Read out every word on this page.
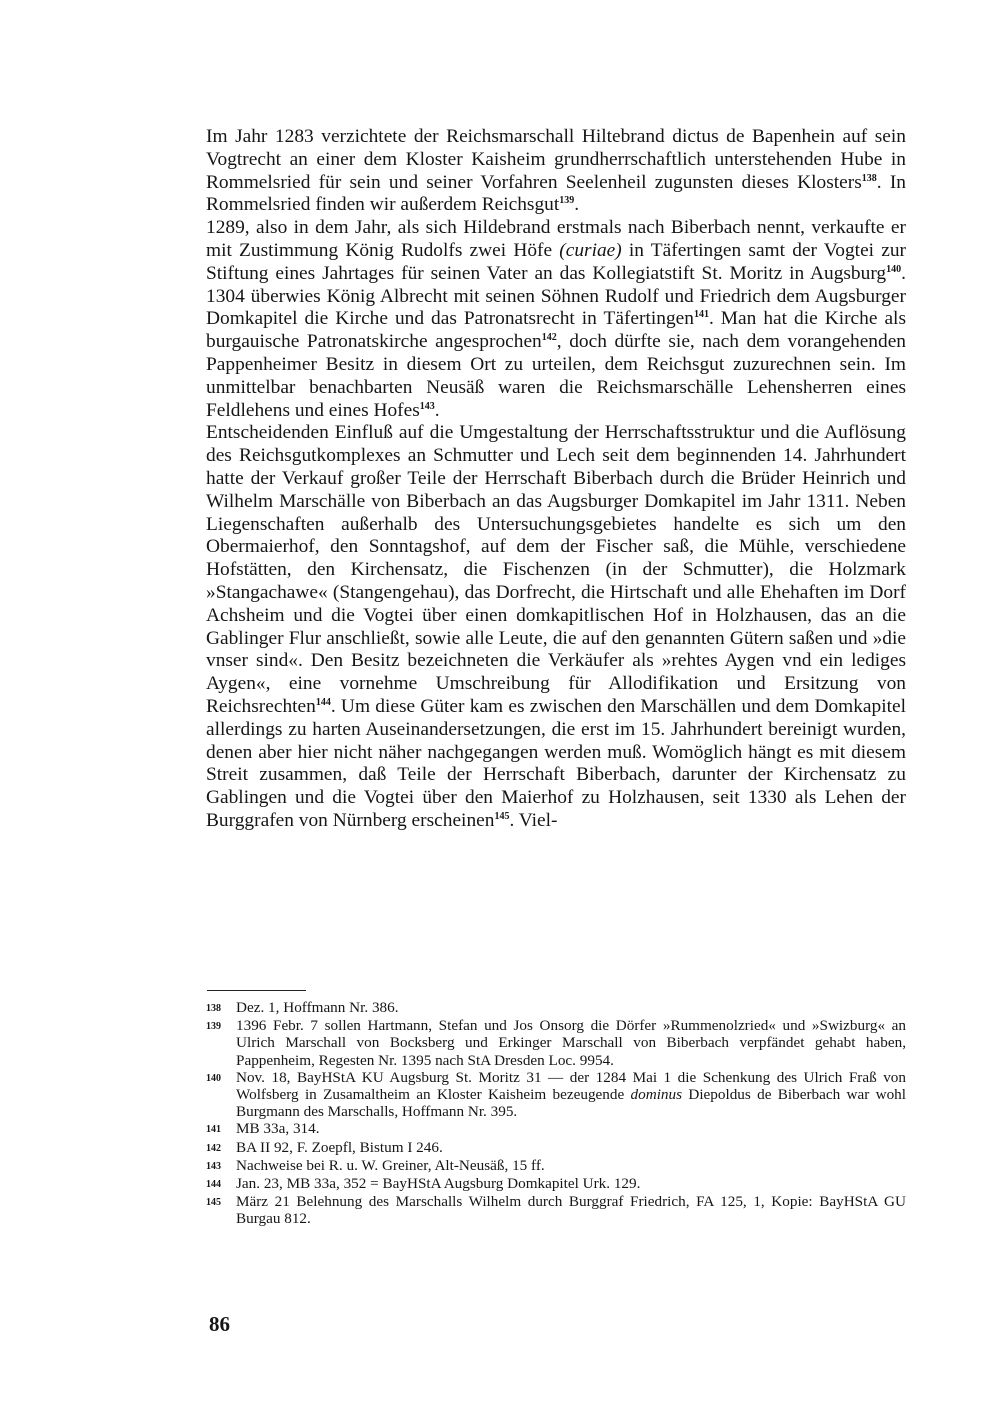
Im Jahr 1283 verzichtete der Reichsmarschall Hiltebrand dictus de Bapenhein auf sein Vogtrecht an einer dem Kloster Kaisheim grundherrschaftlich unterstehenden Hube in Rommelsried für sein und seiner Vorfahren Seelenheil zugunsten dieses Klosters$^{138}$. In Rommelsried finden wir außerdem Reichsgut$^{139}$.

1289, also in dem Jahr, als sich Hildebrand erstmals nach Biberbach nennt, verkaufte er mit Zustimmung König Rudolfs zwei Höfe (curiae) in Täfertingen samt der Vogtei zur Stiftung eines Jahrtages für seinen Vater an das Kollegiatstift St. Moritz in Augsburg$^{140}$. 1304 überwies König Albrecht mit seinen Söhnen Rudolf und Friedrich dem Augsburger Domkapitel die Kirche und das Patronatsrecht in Täfertingen$^{141}$. Man hat die Kirche als burgauische Patronatskirche angesprochen$^{142}$, doch dürfte sie, nach dem vorangehenden Pappenheimer Besitz in diesem Ort zu urteilen, dem Reichsgut zuzurechnen sein. Im unmittelbar benachbarten Neusäß waren die Reichsmarschälle Lehensherren eines Feldlehens und eines Hofes$^{143}$.

Entscheidenden Einfluß auf die Umgestaltung der Herrschaftsstruktur und die Auflösung des Reichsgutkomplexes an Schmutter und Lech seit dem beginnenden 14. Jahrhundert hatte der Verkauf großer Teile der Herrschaft Biberbach durch die Brüder Heinrich und Wilhelm Marschälle von Biberbach an das Augsburger Domkapitel im Jahr 1311. Neben Liegenschaften außerhalb des Untersuchungsgebietes handelte es sich um den Obermaierhof, den Sonntagshof, auf dem der Fischer saß, die Mühle, verschiedene Hofstätten, den Kirchensatz, die Fischenzen (in der Schmutter), die Holzmark »Stangachawe« (Stangengehau), das Dorfrecht, die Hirtschaft und alle Ehehaften im Dorf Achsheim und die Vogtei über einen domkapitlischen Hof in Holzhausen, das an die Gablinger Flur anschließt, sowie alle Leute, die auf den genannten Gütern saßen und »die vnser sind«. Den Besitz bezeichneten die Verkäufer als »rehtes Aygen vnd ein lediges Aygen«, eine vornehme Umschreibung für Allodifikation und Ersitzung von Reichsrechten$^{144}$. Um diese Güter kam es zwischen den Marschällen und dem Domkapitel allerdings zu harten Auseinandersetzungen, die erst im 15. Jahrhundert bereinigt wurden, denen aber hier nicht näher nachgegangen werden muß. Womöglich hängt es mit diesem Streit zusammen, daß Teile der Herrschaft Biberbach, darunter der Kirchensatz zu Gablingen und die Vogtei über den Maierhof zu Holzhausen, seit 1330 als Lehen der Burggrafen von Nürnberg erscheinen$^{145}$. Viel-

138 Dez. 1, Hoffmann Nr. 386.
139 1396 Febr. 7 sollen Hartmann, Stefan und Jos Onsorg die Dörfer »Rummenolzried« und »Swizburg« an Ulrich Marschall von Bocksberg und Erkinger Marschall von Biberbach verpfändet gehabt haben, Pappenheim, Regesten Nr. 1395 nach StA Dresden Loc. 9954.
140 Nov. 18, BayHStA KU Augsburg St. Moritz 31 — der 1284 Mai 1 die Schenkung des Ulrich Fraß von Wolfsberg in Zusamaltheim an Kloster Kaisheim bezeugende dominus Diepoldus de Biberbach war wohl Burgmann des Marschalls, Hoffmann Nr. 395.
141 MB 33a, 314.
142 BA II 92, F. Zoepfl, Bistum I 246.
143 Nachweise bei R. u. W. Greiner, Alt-Neusäß, 15 ff.
144 Jan. 23, MB 33a, 352 = BayHStA Augsburg Domkapitel Urk. 129.
145 März 21 Belehnung des Marschalls Wilhelm durch Burggraf Friedrich, FA 125, 1, Kopie: BayHStA GU Burgau 812.
86
